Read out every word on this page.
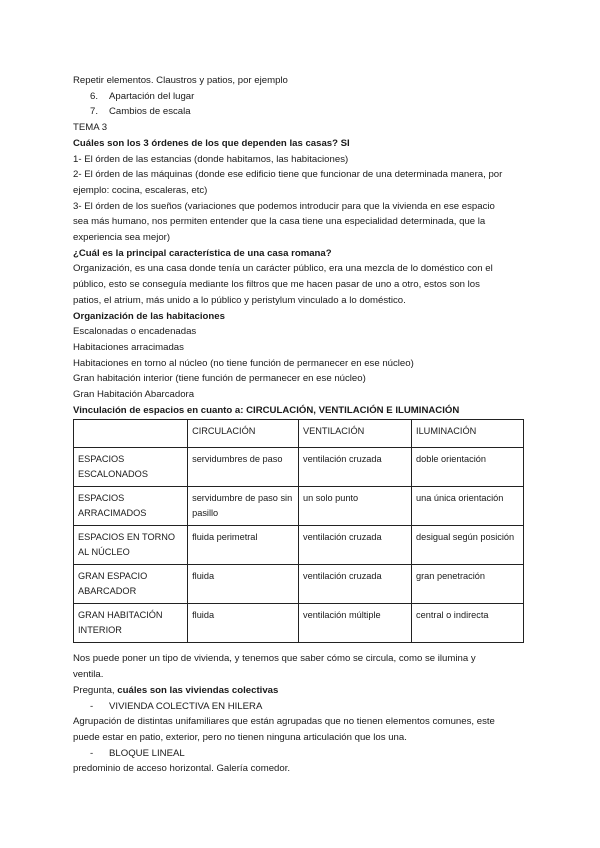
Repetir elementos. Claustros y patios, por ejemplo

6.	Apartación del lugar
7.	Cambios de escala

TEMA 3

Cuáles son los 3 órdenes de los que dependen las casas? SI

1- El órden de las estancias (donde habitamos, las habitaciones)

2- El órden de las máquinas (donde ese edificio tiene que funcionar de una determinada manera, por

ejemplo: cocina, escaleras, etc)

3- El órden de los sueños (variaciones que podemos introducir para que la vivienda en ese espacio

sea más humano, nos permiten entender que la casa tiene una especialidad determinada, que la

experiencia sea mejor)

¿Cuál es la principal característica de una casa romana?

Organización, es una casa donde tenía un carácter público, era una mezcla de lo doméstico con el

público, esto se conseguía mediante los filtros que me hacen pasar de uno a otro, estos son los

patios, el atrium, más unido a lo público y peristylum vinculado a lo doméstico.

Organización de las habitaciones

Escalonadas o encadenadas

Habitaciones arracimadas

Habitaciones en torno al núcleo (no tiene función de permanecer en ese núcleo)

Gran habitación interior (tiene función de permanecer en ese núcleo)

Gran Habitación Abarcadora

Vinculación de espacios en cuanto a: CIRCULACIÓN, VENTILACIÓN E ILUMINACIÓN

	CIRCULACIÓN	VENTILACIÓN	ILUMINACIÓN
ESPACIOS ESCALONADOS	servidumbres de paso	ventilación cruzada	doble orientación
ESPACIOS ARRACIMADOS	servidumbre de paso sin pasillo	un solo punto	una única orientación
ESPACIOS EN TORNO AL NÚCLEO	fluida perimetral	ventilación cruzada	desigual según posición
GRAN ESPACIO ABARCADOR	fluida	ventilación cruzada	gran penetración
GRAN HABITACIÓN INTERIOR	fluida	ventilación múltiple	central o indirecta

Nos puede poner un tipo de vivienda, y tenemos que saber cómo se circula, como se ilumina y

ventila.

Pregunta, cuáles son las viviendas colectivas

-	VIVIENDA COLECTIVA EN HILERA

Agrupación de distintas unifamiliares que están agrupadas que no tienen elementos comunes, este

puede estar en patio, exterior, pero no tienen ninguna articulación que los una.

-	BLOQUE LINEAL

predominio de acceso horizontal. Galería comedor.
